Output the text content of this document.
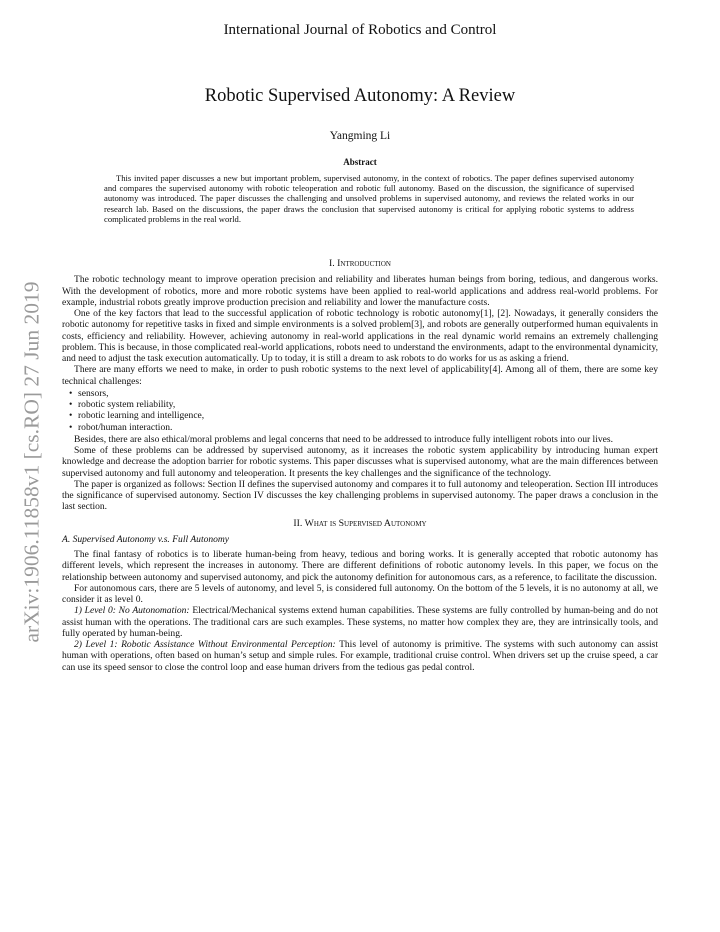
International Journal of Robotics and Control
Robotic Supervised Autonomy: A Review
Yangming Li
Abstract

This invited paper discusses a new but important problem, supervised autonomy, in the context of robotics. The paper defines supervised autonomy and compares the supervised autonomy with robotic teleoperation and robotic full autonomy. Based on the discussion, the significance of supervised autonomy was introduced. The paper discusses the challenging and unsolved problems in supervised autonomy, and reviews the related works in our research lab. Based on the discussions, the paper draws the conclusion that supervised autonomy is critical for applying robotic systems to address complicated problems in the real world.

arXiv:1906.11858v1 [cs.RO] 27 Jun 2019
I. Introduction

The robotic technology meant to improve operation precision and reliability and liberates human beings from boring, tedious, and dangerous works. With the development of robotics, more and more robotic systems have been applied to real-world applications and address real-world problems. For example, industrial robots greatly improve production precision and reliability and lower the manufacture costs.

One of the key factors that lead to the successful application of robotic technology is robotic autonomy[1], [2]. Nowadays, it generally considers the robotic autonomy for repetitive tasks in fixed and simple environments is a solved problem[3], and robots are generally outperformed human equivalents in costs, efficiency and reliability. However, achieving autonomy in real-world applications in the real dynamic world remains an extremely challenging problem. This is because, in those complicated real-world applications, robots need to understand the environments, adapt to the environmental dynamicity, and need to adjust the task execution automatically. Up to today, it is still a dream to ask robots to do works for us as asking a friend.

There are many efforts we need to make, in order to push robotic systems to the next level of applicability[4]. Among all of them, there are some key technical challenges:

• sensors,
• robotic system reliability,
• robotic learning and intelligence,
• robot/human interaction.

Besides, there are also ethical/moral problems and legal concerns that need to be addressed to introduce fully intelligent robots into our lives.

Some of these problems can be addressed by supervised autonomy, as it increases the robotic system applicability by introducing human expert knowledge and decrease the adoption barrier for robotic systems. This paper discusses what is supervised autonomy, what are the main differences between supervised autonomy and full autonomy and teleoperation. It presents the key challenges and the significance of the technology.

The paper is organized as follows: Section II defines the supervised autonomy and compares it to full autonomy and teleoperation. Section III introduces the significance of supervised autonomy. Section IV discusses the key challenging problems in supervised autonomy. The paper draws a conclusion in the last section.

II. What is Supervised Autonomy
A. Supervised Autonomy v.s. Full Autonomy

The final fantasy of robotics is to liberate human-being from heavy, tedious and boring works. It is generally accepted that robotic autonomy has different levels, which represent the increases in autonomy. There are different definitions of robotic autonomy levels. In this paper, we focus on the relationship between autonomy and supervised autonomy, and pick the autonomy definition for autonomous cars, as a reference, to facilitate the discussion.

For autonomous cars, there are 5 levels of autonomy, and level 5, is considered full autonomy. On the bottom of the 5 levels, it is no autonomy at all, we consider it as level 0.

1) Level 0: No Autonomation: Electrical/Mechanical systems extend human capabilities. These systems are fully controlled by human-being and do not assist human with the operations. The traditional cars are such examples. These systems, no matter how complex they are, they are intrinsically tools, and fully operated by human-being.

2) Level 1: Robotic Assistance Without Environmental Perception: This level of autonomy is primitive. The systems with such autonomy can assist human with operations, often based on human’s setup and simple rules. For example, traditional cruise control. When drivers set up the cruise speed, a car can use its speed sensor to close the control loop and ease human drivers from the tedious gas pedal control.
